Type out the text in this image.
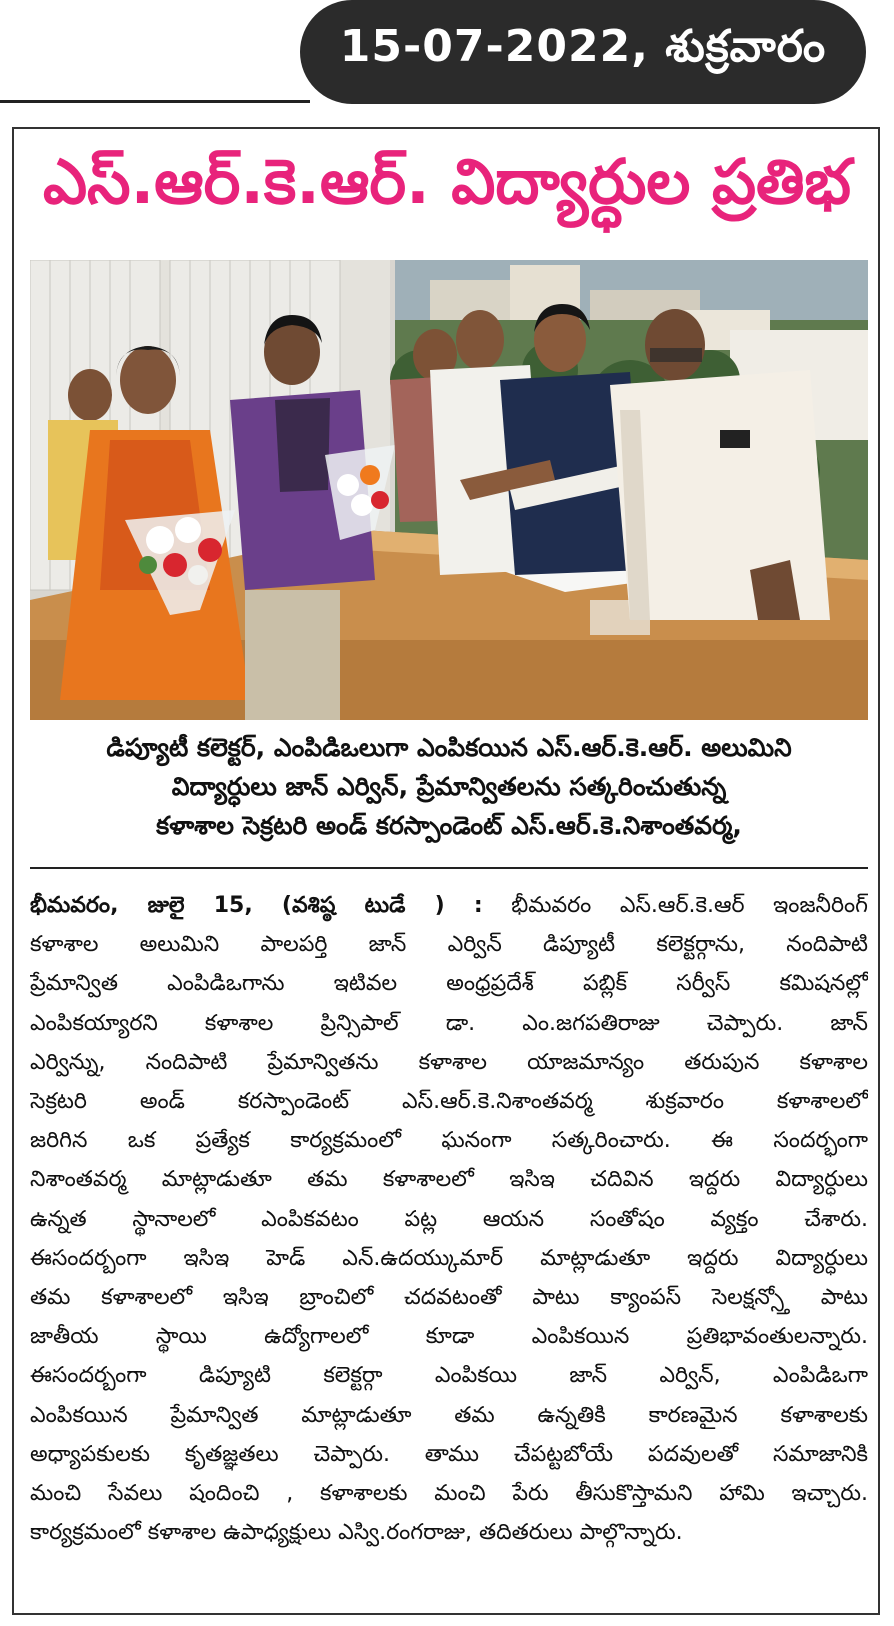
15-07-2022, శుక్రవారం
ఎస్.ఆర్.కె.ఆర్. విద్యార్ధుల ప్రతిభ
డిప్యూటీ కలెక్టర్, ఎంపిడిఒలుగా ఎంపికయిన ఎస్.ఆర్.కె.ఆర్. అలుమిని
విద్యార్ధులు జాన్ ఎర్విన్, ప్రేమాన్వితలను సత్కరించుతున్న
కళాశాల సెక్రటరి అండ్ కరస్పాండెంట్ ఎస్.ఆర్.కె.నిశాంతవర్మ,
భీమవరం, జులై 15, (వశిష్ఠ టుడే ) : భీమవరం ఎస్.ఆర్.కె.ఆర్ ఇంజనీరింగ్
కళాశాల అలుమిని పాలపర్తి జాన్ ఎర్విన్ డిప్యూటీ కలెక్టర్గాను, నందిపాటి
ప్రేమాన్విత ఎంపిడిఒగాను ఇటివల అంధ్రప్రదేశ్ పబ్లిక్ సర్వీస్ కమిషనల్లో
ఎంపికయ్యారని కళాశాల ప్రిన్సిపాల్ డా. ఎం.జగపతిరాజు చెప్పారు. జాన్
ఎర్విన్ను, నందిపాటి ప్రేమాన్వితను కళాశాల యాజమాన్యం తరుపున కళాశాల
సెక్రటరి అండ్ కరస్పాండెంట్ ఎస్.ఆర్.కె.నిశాంతవర్మ శుక్రవారం కళాశాలలో
జరిగిన ఒక ప్రత్యేక కార్యక్రమంలో ఘనంగా సత్కరించారు. ఈ సందర్భంగా
నిశాంతవర్మ మాట్లాడుతూ తమ కళాశాలలో ఇసిఇ చదివిన ఇద్దరు విద్యార్ధులు
ఉన్నత స్థానాలలో ఎంపికవటం పట్ల ఆయన సంతోషం వ్యక్తం చేశారు.
ఈసందర్బంగా ఇసిఇ హెడ్ ఎన్.ఉదయ్కుమార్ మాట్లాడుతూ ఇద్దరు విద్యార్ధులు
తమ కళాశాలలో ఇసిఇ బ్రాంచిలో చదవటంతో పాటు క్యాంపస్ సెలక్షన్స్తో పాటు
జాతీయ స్థాయి ఉద్యోగాలలో కూడా ఎంపికయిన ప్రతిభావంతులన్నారు.
ఈసందర్బంగా డిప్యూటి కలెక్టర్గా ఎంపికయి జాన్ ఎర్విన్, ఎంపిడిఒగా
ఎంపికయిన ప్రేమాన్విత మాట్లాడుతూ తమ ఉన్నతికి కారణమైన కళాశాలకు
అధ్యాపకులకు కృతజ్ఞతలు చెప్పారు. తాము చేపట్టబోయే పదవులతో సమాజానికి
మంచి సేవలు షందించి , కళాశాలకు మంచి పేరు తీసుకొస్తామని హామి ఇచ్చారు.
కార్యక్రమంలో కళాశాల ఉపాధ్యక్షులు ఎస్వి.రంగరాజు, తదితరులు పాల్గొన్నారు.
